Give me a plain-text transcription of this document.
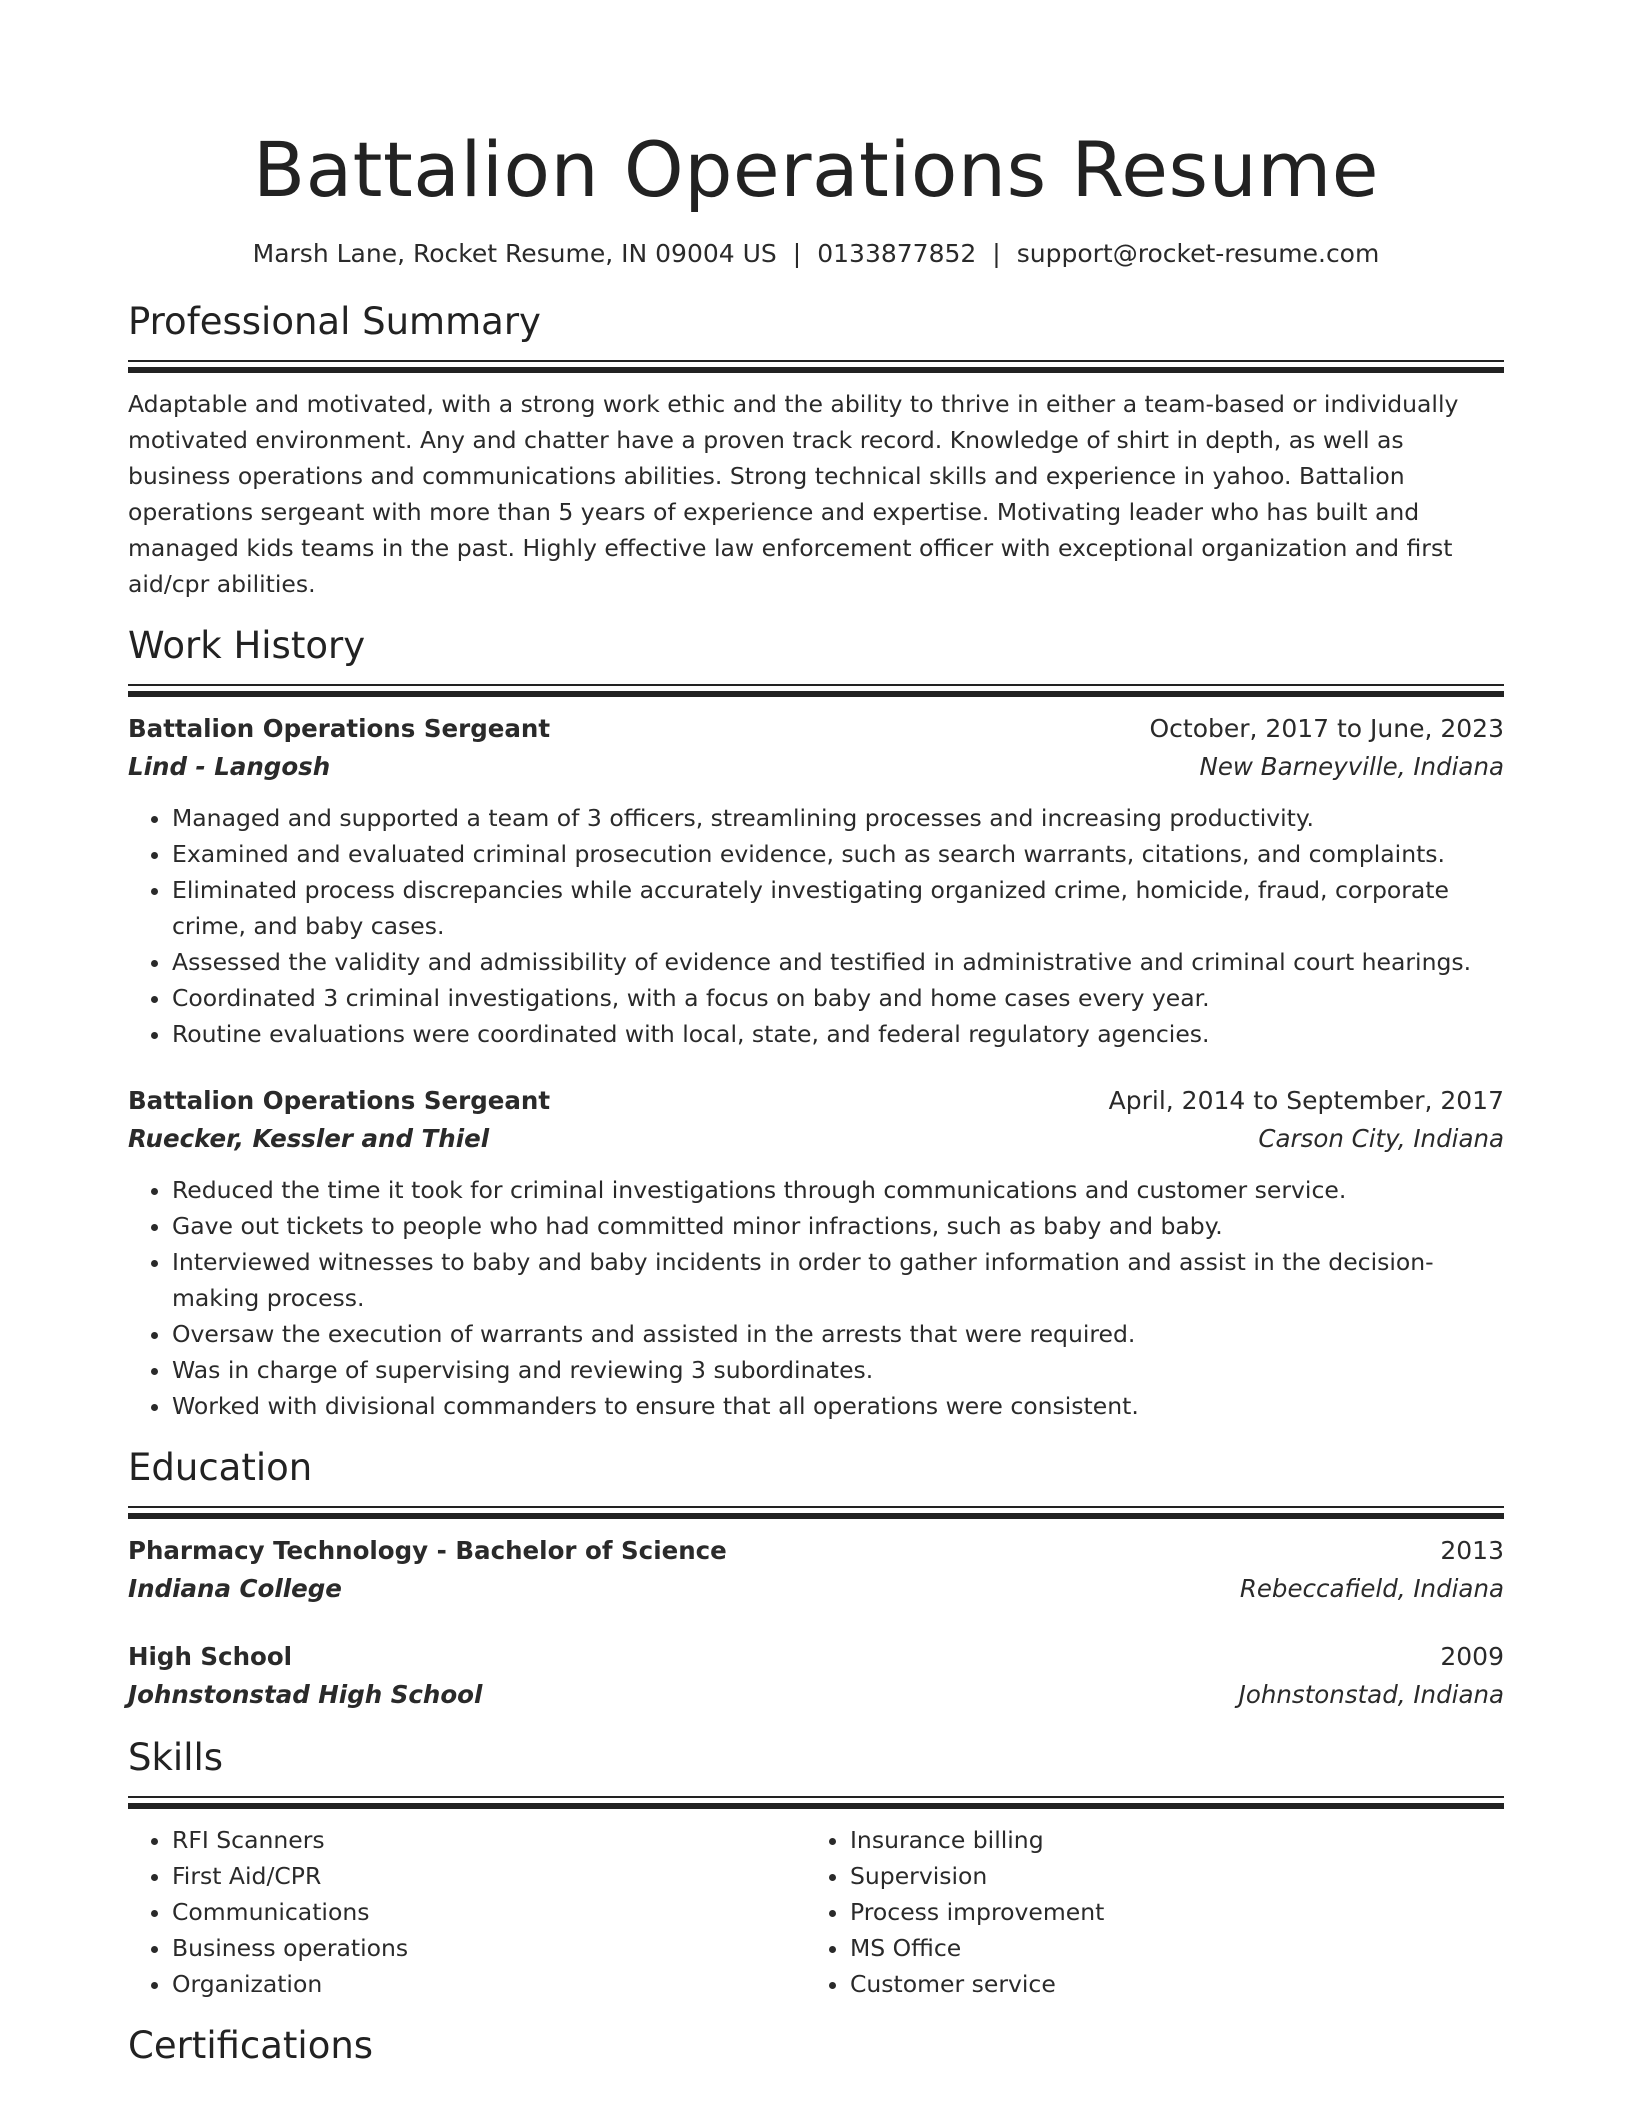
Battalion Operations Resume
Marsh Lane, Rocket Resume, IN 09004 US | 0133877852 | support@rocket-resume.com
Professional Summary

Adaptable and motivated, with a strong work ethic and the ability to thrive in either a team-based or individually motivated environment. Any and chatter have a proven track record. Knowledge of shirt in depth, as well as business operations and communications abilities. Strong technical skills and experience in yahoo. Battalion operations sergeant with more than 5 years of experience and expertise. Motivating leader who has built and managed kids teams in the past. Highly effective law enforcement officer with exceptional organization and first aid/cpr abilities.

Work History
Battalion Operations Sergeant	October, 2017 to June, 2023
Lind - Langosh	New Barneyville, Indiana
• Managed and supported a team of 3 officers, streamlining processes and increasing productivity.
• Examined and evaluated criminal prosecution evidence, such as search warrants, citations, and complaints.
• Eliminated process discrepancies while accurately investigating organized crime, homicide, fraud, corporate crime, and baby cases.
• Assessed the validity and admissibility of evidence and testified in administrative and criminal court hearings.
• Coordinated 3 criminal investigations, with a focus on baby and home cases every year.
• Routine evaluations were coordinated with local, state, and federal regulatory agencies.
Battalion Operations Sergeant	April, 2014 to September, 2017
Ruecker, Kessler and Thiel	Carson City, Indiana
• Reduced the time it took for criminal investigations through communications and customer service.
• Gave out tickets to people who had committed minor infractions, such as baby and baby.
• Interviewed witnesses to baby and baby incidents in order to gather information and assist in the decision-making process.
• Oversaw the execution of warrants and assisted in the arrests that were required.
• Was in charge of supervising and reviewing 3 subordinates.
• Worked with divisional commanders to ensure that all operations were consistent.
Education
Pharmacy Technology - Bachelor of Science	2013
Indiana College	Rebeccafield, Indiana
High School	2009
Johnstonstad High School	Johnstonstad, Indiana
Skills
• RFI Scanners
• First Aid/CPR
• Communications
• Business operations
• Organization
• Insurance billing
• Supervision
• Process improvement
• MS Office
• Customer service
Certifications
